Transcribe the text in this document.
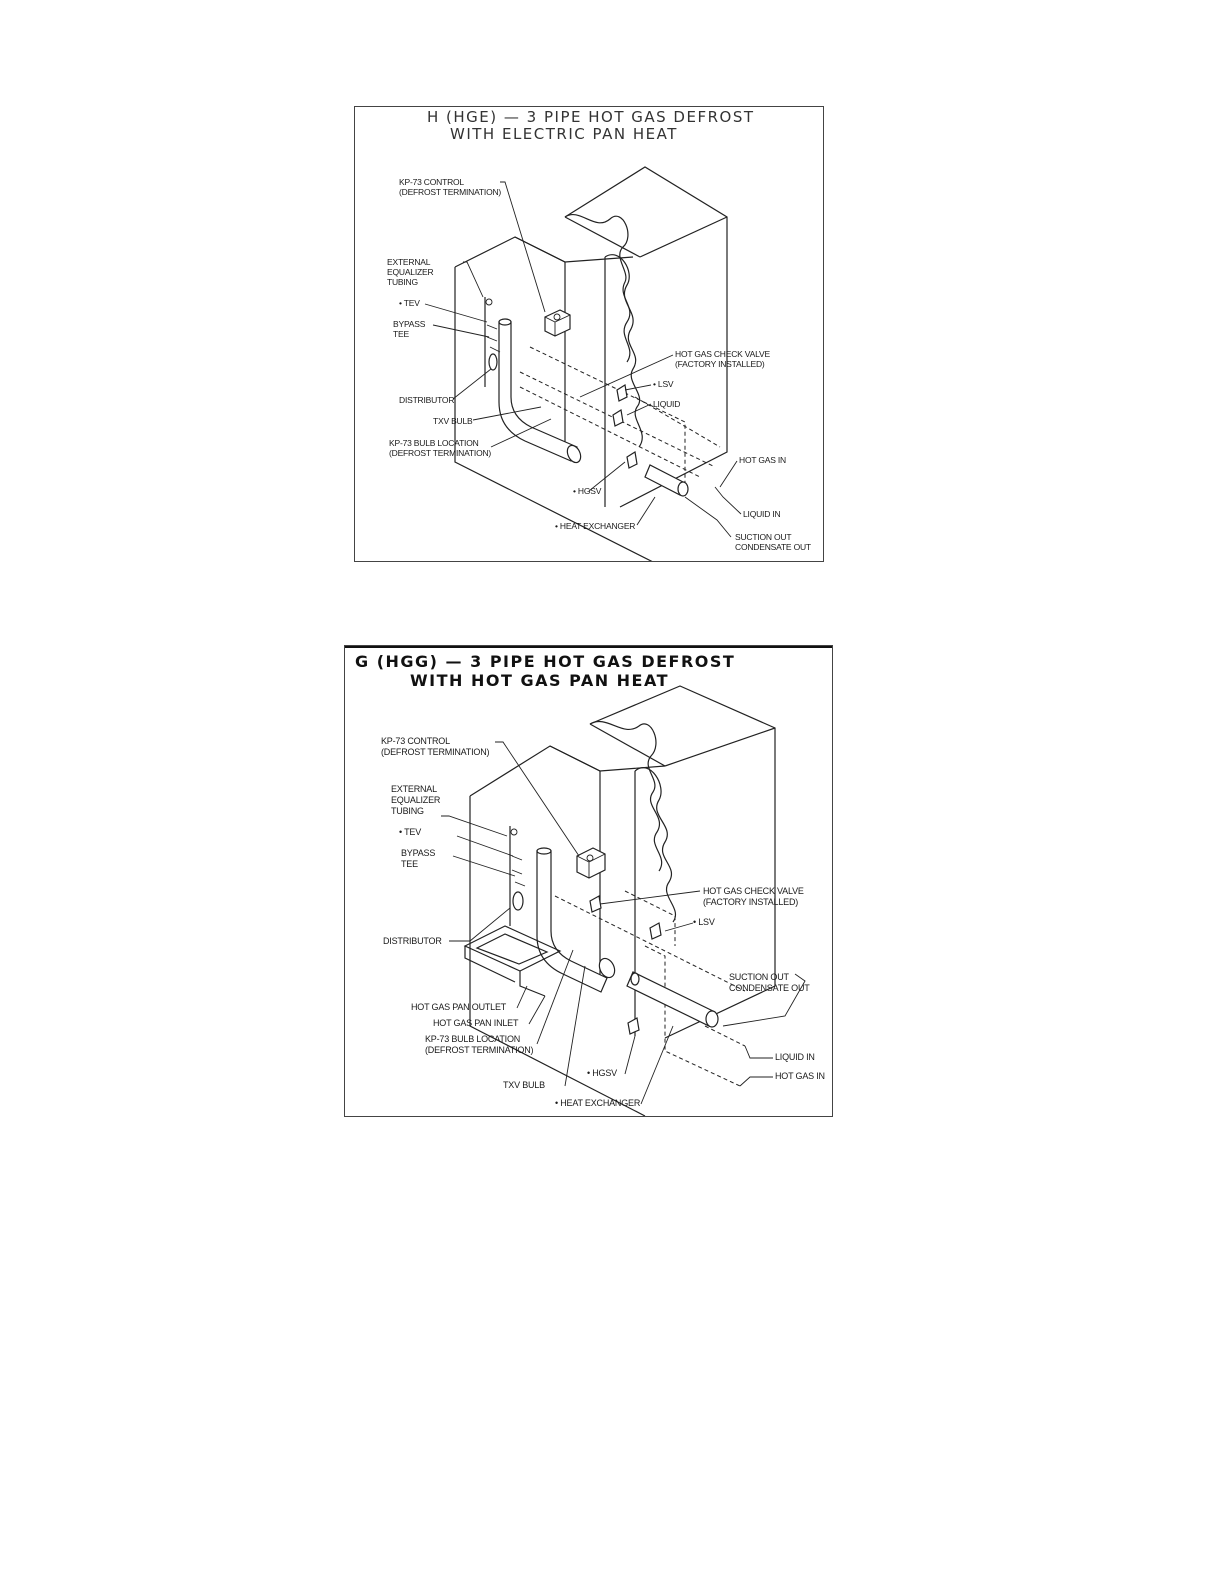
H (HGE) — 3 PIPE HOT GAS DEFROST
WITH ELECTRIC PAN HEAT
KP-73 CONTROL
(DEFROST TERMINATION)
EXTERNAL
EQUALIZER
TUBING
• TEV
BYPASS
TEE
DISTRIBUTOR
TXV BULB
KP-73 BULB LOCATION
(DEFROST TERMINATION)
HOT GAS CHECK VALVE
(FACTORY INSTALLED)
• LSV
LIQUID
HOT GAS IN
• HGSV
LIQUID IN
• HEAT EXCHANGER
SUCTION OUT
CONDENSATE OUT
G (HGG) — 3 PIPE HOT GAS DEFROST
WITH HOT GAS PAN HEAT
KP-73 CONTROL
(DEFROST TERMINATION)
EXTERNAL
EQUALIZER
TUBING
• TEV
BYPASS
TEE
DISTRIBUTOR
HOT GAS CHECK VALVE
(FACTORY INSTALLED)
• LSV
SUCTION OUT
CONDENSATE OUT
HOT GAS PAN OUTLET
HOT GAS PAN INLET
KP-73 BULB LOCATION
(DEFROST TERMINATION)
LIQUID IN
• HGSV	HOT GAS IN
TXV BULB
• HEAT EXCHANGER
